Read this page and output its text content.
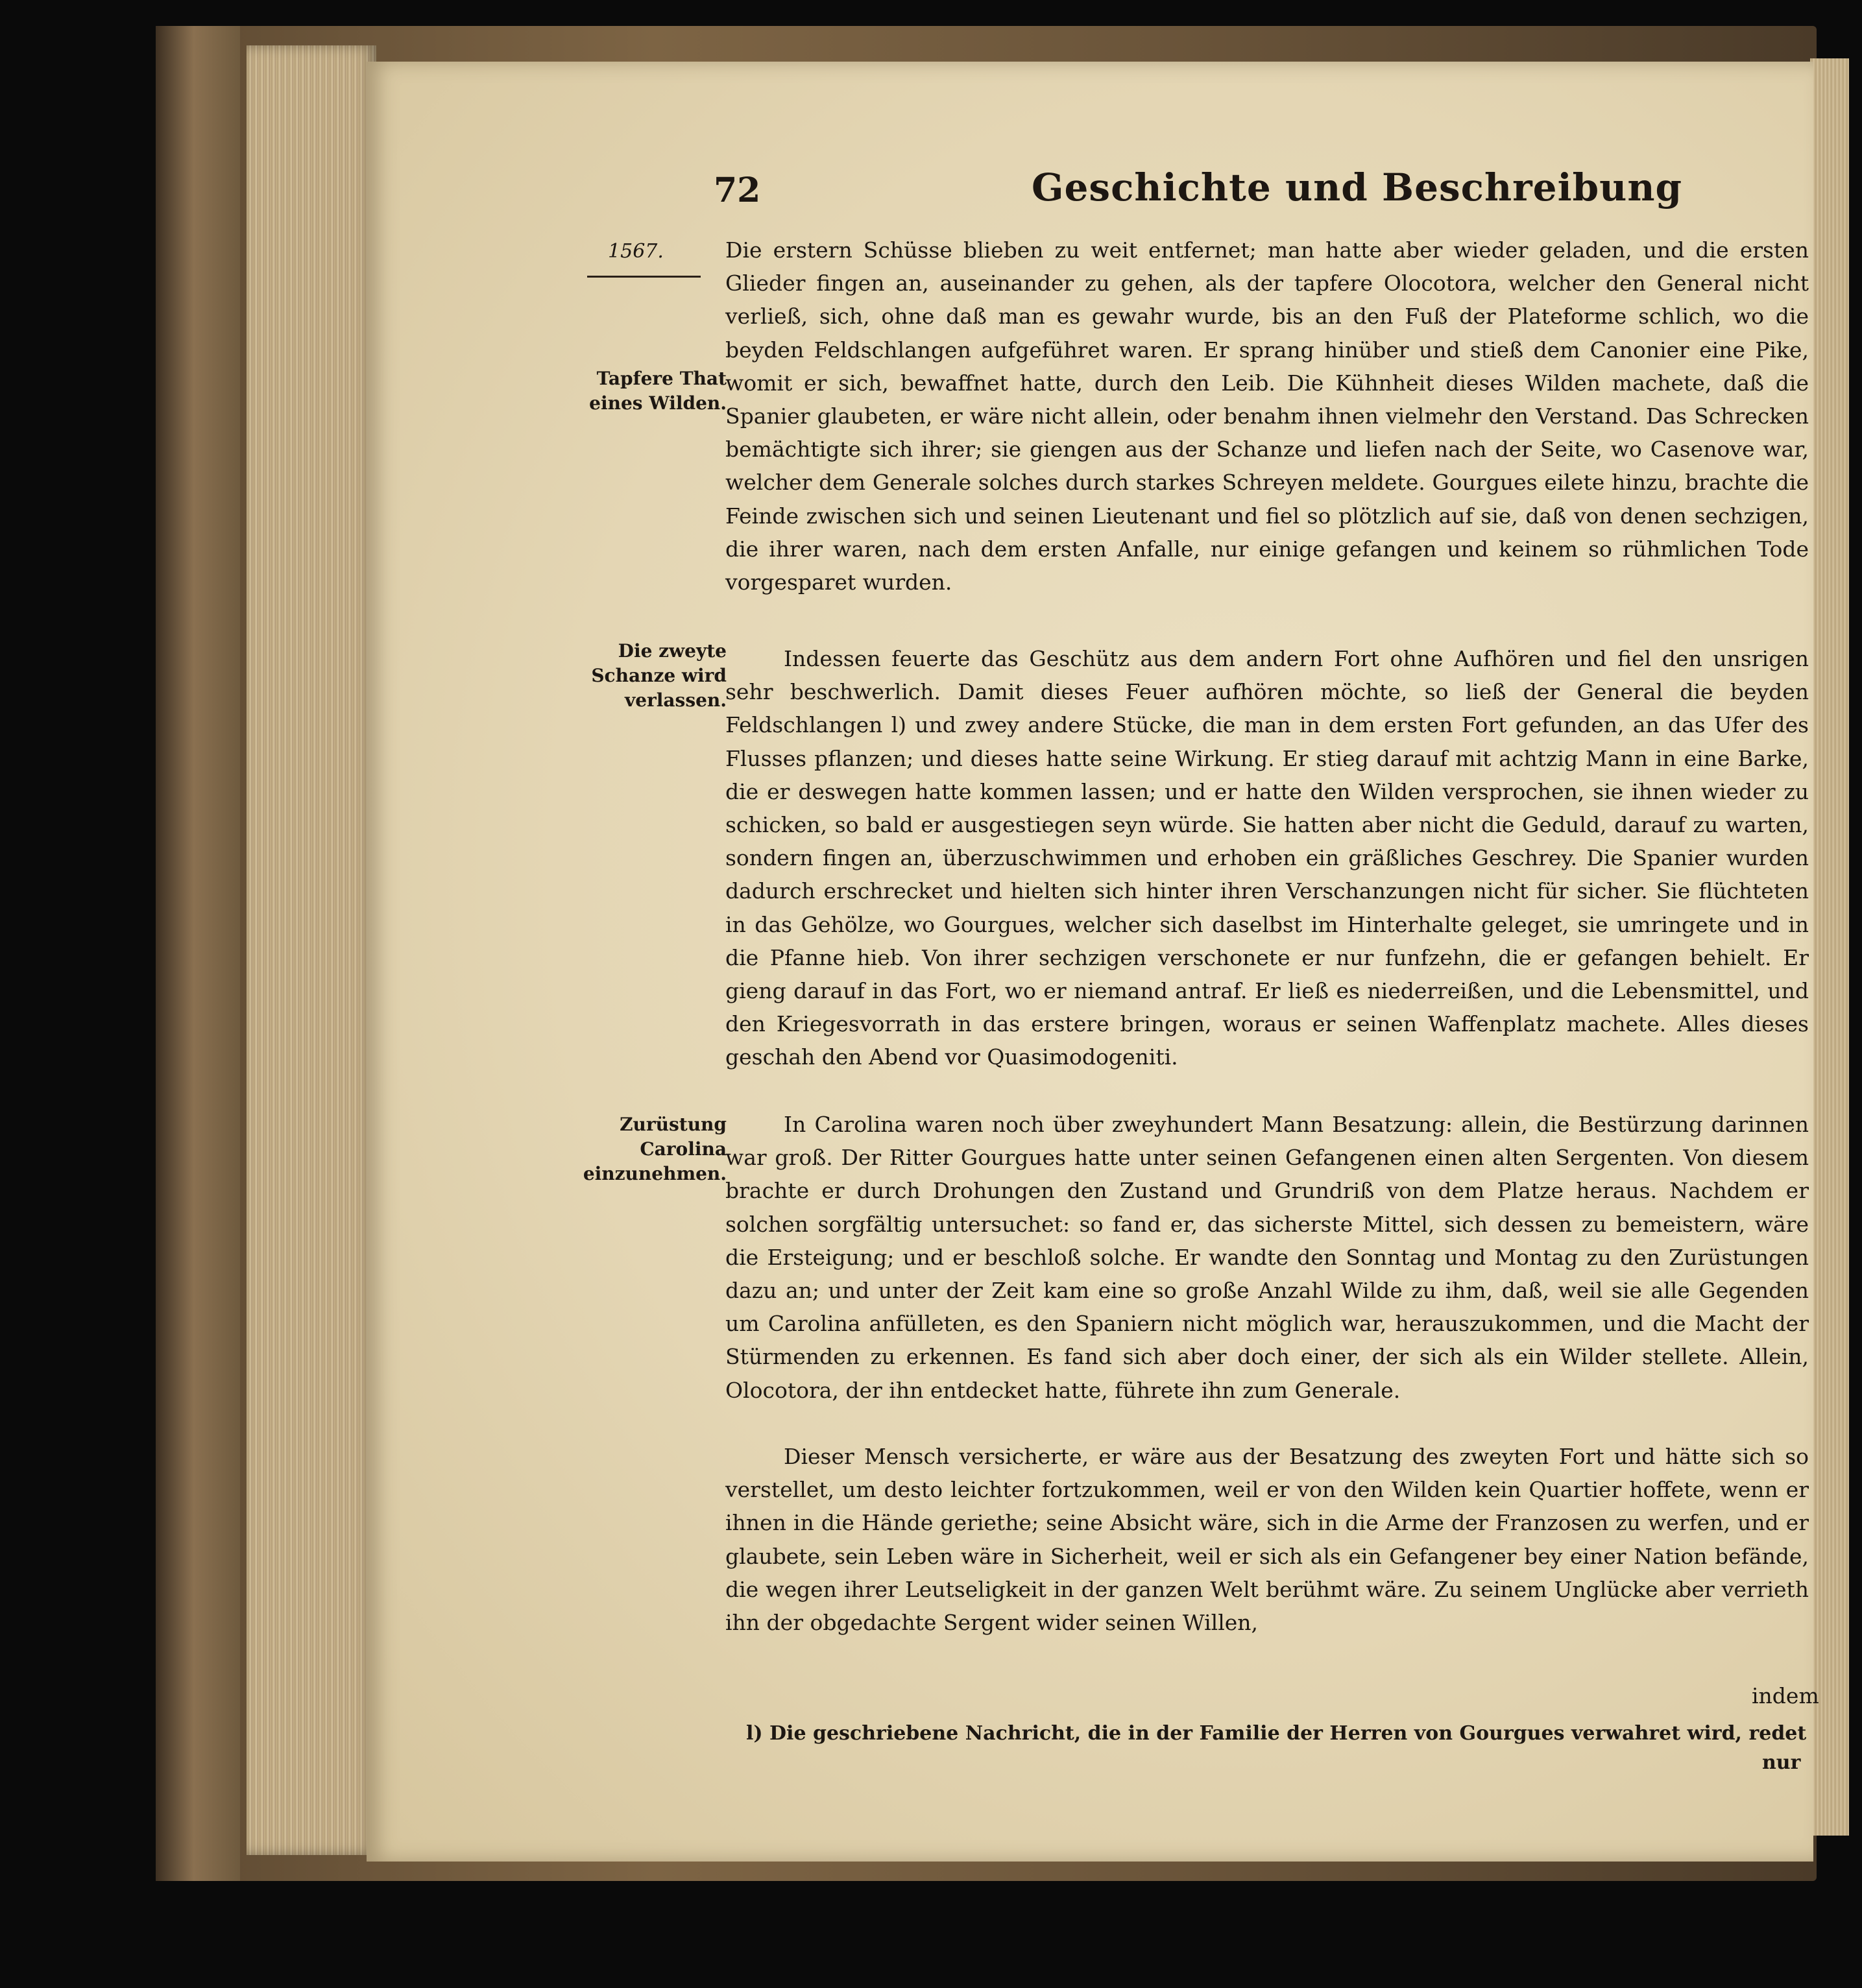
72	Geschichte und Beschreibung
1567.
Tapfere That eines Wilden.
Die zweyte Schanze wird verlassen.
Zurüstung Carolina einzunehmen.

Die erstern Schüsse blieben zu weit entfernet; man hatte aber wieder geladen, und die ersten Glieder fingen an, auseinander zu gehen, als der tapfere Olocotora, welcher den General nicht verließ, sich, ohne daß man es gewahr wurde, bis an den Fuß der Plateforme schlich, wo die beyden Feldschlangen aufgeführet waren. Er sprang hinüber und stieß dem Canonier eine Pike, womit er sich, bewaffnet hatte, durch den Leib. Die Kühnheit dieses Wilden machete, daß die Spanier glaubeten, er wäre nicht allein, oder benahm ihnen vielmehr den Verstand. Das Schrecken bemächtigte sich ihrer; sie giengen aus der Schanze und liefen nach der Seite, wo Casenove war, welcher dem Generale solches durch starkes Schreyen meldete. Gourgues eilete hinzu, brachte die Feinde zwischen sich und seinen Lieutenant und fiel so plötzlich auf sie, daß von denen sechzigen, die ihrer waren, nach dem ersten Anfalle, nur einige gefangen und keinem so rühmlichen Tode vorgesparet wurden.

Indessen feuerte das Geschütz aus dem andern Fort ohne Aufhören und fiel den unsrigen sehr beschwerlich. Damit dieses Feuer aufhören möchte, so ließ der General die beyden Feldschlangen l) und zwey andere Stücke, die man in dem ersten Fort gefunden, an das Ufer des Flusses pflanzen; und dieses hatte seine Wirkung. Er stieg darauf mit achtzig Mann in eine Barke, die er deswegen hatte kommen lassen; und er hatte den Wilden versprochen, sie ihnen wieder zu schicken, so bald er ausgestiegen seyn würde. Sie hatten aber nicht die Geduld, darauf zu warten, sondern fingen an, überzuschwimmen und erhoben ein gräßliches Geschrey. Die Spanier wurden dadurch erschrecket und hielten sich hinter ihren Verschanzungen nicht für sicher. Sie flüchteten in das Gehölze, wo Gourgues, welcher sich daselbst im Hinterhalte geleget, sie umringete und in die Pfanne hieb. Von ihrer sechzigen verschonete er nur funfzehn, die er gefangen behielt. Er gieng darauf in das Fort, wo er niemand antraf. Er ließ es niederreißen, und die Lebensmittel, und den Kriegesvorrath in das erstere bringen, woraus er seinen Waffenplatz machete. Alles dieses geschah den Abend vor Quasimodogeniti.

In Carolina waren noch über zweyhundert Mann Besatzung: allein, die Bestürzung darinnen war groß. Der Ritter Gourgues hatte unter seinen Gefangenen einen alten Sergenten. Von diesem brachte er durch Drohungen den Zustand und Grundriß von dem Platze heraus. Nachdem er solchen sorgfältig untersuchet: so fand er, das sicherste Mittel, sich dessen zu bemeistern, wäre die Ersteigung; und er beschloß solche. Er wandte den Sonntag und Montag zu den Zurüstungen dazu an; und unter der Zeit kam eine so große Anzahl Wilde zu ihm, daß, weil sie alle Gegenden um Carolina anfülleten, es den Spaniern nicht möglich war, herauszukommen, und die Macht der Stürmenden zu erkennen. Es fand sich aber doch einer, der sich als ein Wilder stellete. Allein, Olocotora, der ihn entdecket hatte, führete ihn zum Generale.

Dieser Mensch versicherte, er wäre aus der Besatzung des zweyten Fort und hätte sich so verstellet, um desto leichter fortzukommen, weil er von den Wilden kein Quartier hoffete, wenn er ihnen in die Hände geriethe; seine Absicht wäre, sich in die Arme der Franzosen zu werfen, und er glaubete, sein Leben wäre in Sicherheit, weil er sich als ein Gefangener bey einer Nation befände, die wegen ihrer Leutseligkeit in der ganzen Welt berühmt wäre. Zu seinem Unglücke aber verrieth ihn der obgedachte Sergent wider seinen Willen,

indem
l) Die geschriebene Nachricht, die in der Familie der Herren von Gourgues verwahret wird, redet
nur
